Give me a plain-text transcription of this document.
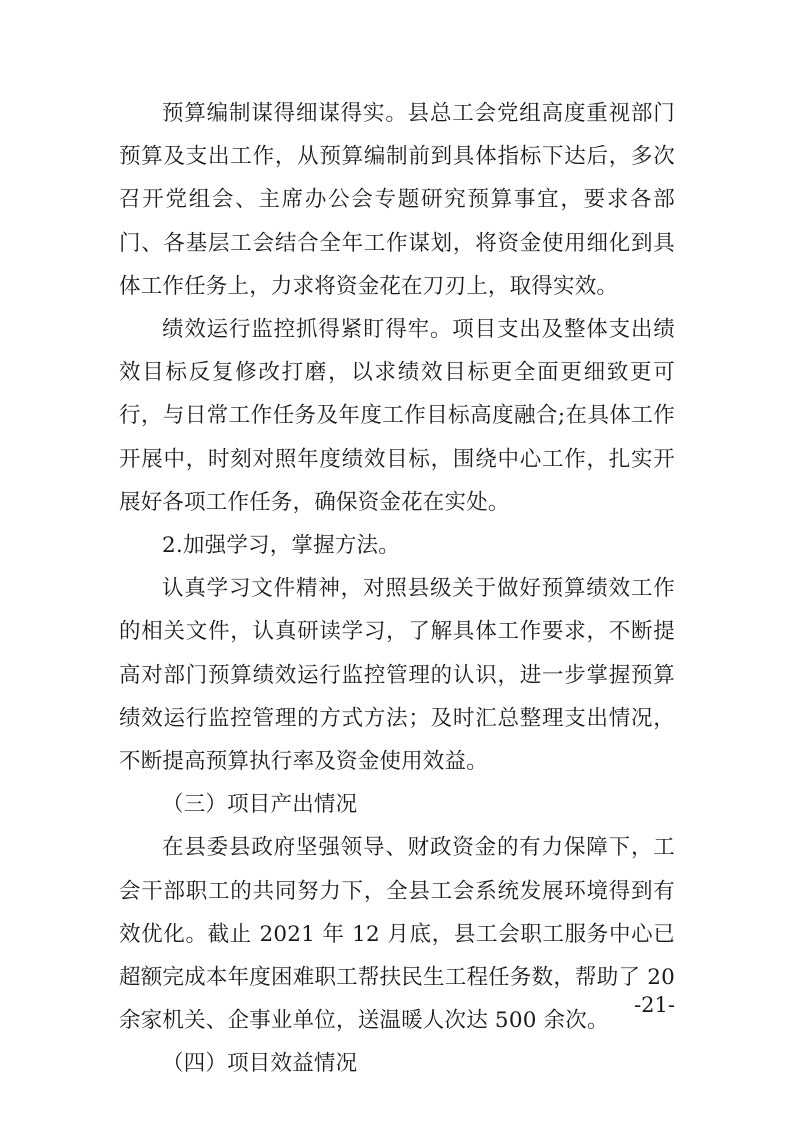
预算编制谋得细谋得实。县总工会党组高度重视部门预算及支出工作，从预算编制前到具体指标下达后，多次召开党组会、主席办公会专题研究预算事宜，要求各部门、各基层工会结合全年工作谋划，将资金使用细化到具体工作任务上，力求将资金花在刀刃上，取得实效。

绩效运行监控抓得紧盯得牢。项目支出及整体支出绩效目标反复修改打磨，以求绩效目标更全面更细致更可行，与日常工作任务及年度工作目标高度融合;在具体工作开展中，时刻对照年度绩效目标，围绕中心工作，扎实开展好各项工作任务，确保资金花在实处。

2.加强学习，掌握方法。

认真学习文件精神，对照县级关于做好预算绩效工作的相关文件，认真研读学习，了解具体工作要求，不断提高对部门预算绩效运行监控管理的认识，进一步掌握预算绩效运行监控管理的方式方法；及时汇总整理支出情况，不断提高预算执行率及资金使用效益。

（三）项目产出情况

在县委县政府坚强领导、财政资金的有力保障下，工会干部职工的共同努力下，全县工会系统发展环境得到有效优化。截止 2021 年 12 月底，县工会职工服务中心已超额完成本年度困难职工帮扶民生工程任务数，帮助了 20 余家机关、企事业单位，送温暖人次达 500 余次。

（四）项目效益情况

-21-
